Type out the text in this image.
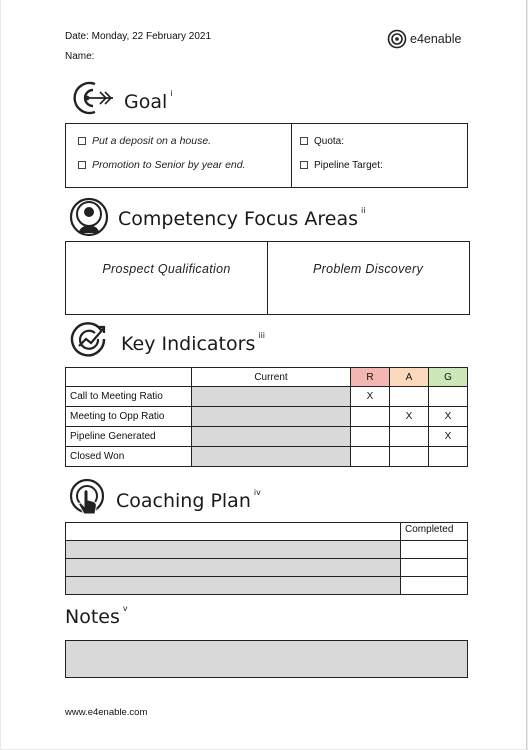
Date: Monday, 22 February 2021
Name:
e4enable
Goal $^i$
Put a deposit on a house.
Promotion to Senior by year end.
Quota:
Pipeline Target:
Competency Focus Areas $^{ii}$
Prospect Qualification	Problem Discovery
Key Indicators $^{iii}$
	Current	R	A	G
Call to Meeting Ratio		X		
Meeting to Opp Ratio			X	X
Pipeline Generated				X
Closed Won				
Coaching Plan $^{iv}$
	Completed

Notes $^v$
www.e4enable.com
